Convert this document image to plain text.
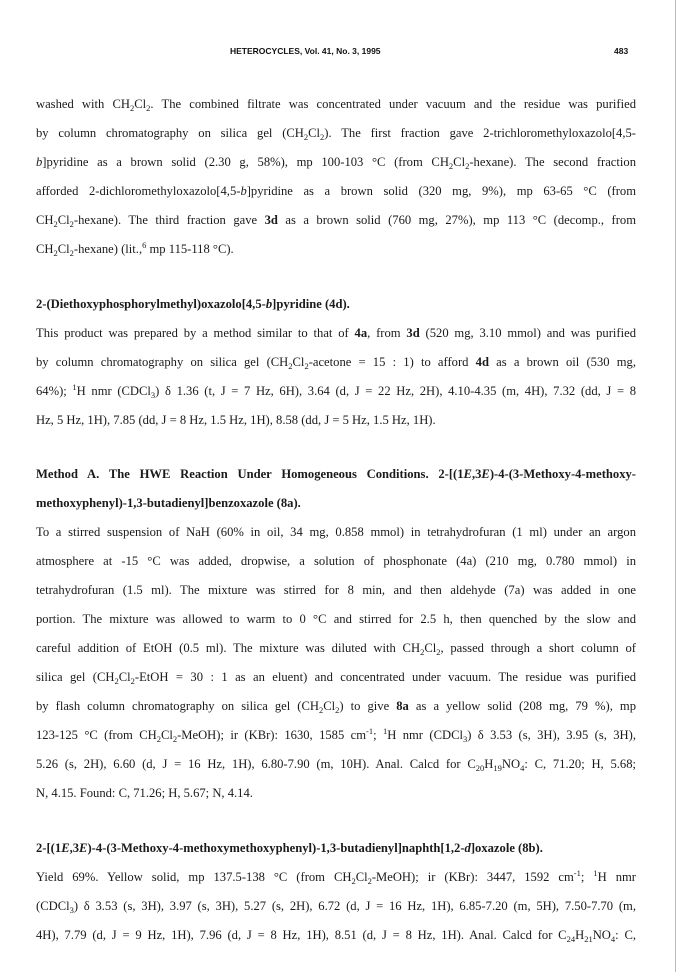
HETEROCYCLES, Vol. 41, No. 3, 1995	483
washed with $CH_2Cl_2$. The combined filtrate was concentrated under vacuum and the residue was purified
by column chromatography on silica gel $(CH_2Cl_2)$. The first fraction gave 2-trichloromethyloxazolo[4,5-
b]pyridine as a brown solid (2.30 g, 58%), mp 100-103 °C (from $CH_2Cl_2-hexane$). The second fraction
afforded 2-dichloromethyloxazolo[4,5-b]pyridine as a brown solid (320 mg, 9%), mp 63-65 °C (from
$CH_2Cl_2-hexane$). The third fraction gave 3d as a brown solid (760 mg, 27%), mp 113 °C (decomp., from
$CH_2Cl_2-hexane$) (lit.,$^6$ mp 115-118 °C).
2-(Diethoxyphosphorylmethyl)oxazolo[4,5-b]pyridine (4d).
This product was prepared by a method similar to that of 4a, from 3d (520 mg, 3.10 mmol) and was purified
by column chromatography on silica gel ($CH_2Cl_2$-acetone = 15 : 1) to afford 4d as a brown oil (530 mg,
64%); $^1$H nmr (CDCl$_3$) δ 1.36 (t, J = 7 Hz, 6H), 3.64 (d, J = 22 Hz, 2H), 4.10-4.35 (m, 4H), 7.32 (dd, J = 8
Hz, 5 Hz, 1H), 7.85 (dd, J = 8 Hz, 1.5 Hz, 1H), 8.58 (dd, J = 5 Hz, 1.5 Hz, 1H).
Method A. The HWE Reaction Under Homogeneous Conditions. 2-[(1E,3E)-4-(3-Methoxy-4-methoxy-
methoxyphenyl)-1,3-butadienyl]benzoxazole (8a).
To a stirred suspension of NaH (60% in oil, 34 mg, 0.858 mmol) in tetrahydrofuran (1 ml) under an argon
atmosphere at -15 °C was added, dropwise, a solution of phosphonate (4a) (210 mg, 0.780 mmol) in
tetrahydrofuran (1.5 ml). The mixture was stirred for 8 min, and then aldehyde (7a) was added in one
portion. The mixture was allowed to warm to 0 °C and stirred for 2.5 h, then quenched by the slow and
careful addition of EtOH (0.5 ml). The mixture was diluted with $CH_2Cl_2$, passed through a short column of
silica gel ($CH_2Cl_2$-EtOH = 30 : 1 as an eluent) and concentrated under vacuum. The residue was purified
by flash column chromatography on silica gel $(CH_2Cl_2)$ to give 8a as a yellow solid (208 mg, 79 %), mp
123-125 °C (from $CH_2Cl_2-MeOH$); ir (KBr): 1630, 1585 $cm^{-1}$; $^1$H nmr (CDCl$_3$) δ 3.53 (s, 3H), 3.95 (s, 3H),
5.26 (s, 2H), 6.60 (d, J = 16 Hz, 1H), 6.80-7.90 (m, 10H). Anal. Calcd for $C_{20}H_{19}NO_4$: C, 71.20; H, 5.68;
N, 4.15. Found: C, 71.26; H, 5.67; N, 4.14.
2-[(1E,3E)-4-(3-Methoxy-4-methoxymethoxyphenyl)-1,3-butadienyl]naphth[1,2-d]oxazole (8b).
Yield 69%. Yellow solid, mp 137.5-138 °C (from $CH_2Cl_2-MeOH$); ir (KBr): 3447, 1592 $cm^{-1}$; $^1$H nmr
(CDCl$_3$) δ 3.53 (s, 3H), 3.97 (s, 3H), 5.27 (s, 2H), 6.72 (d, J = 16 Hz, 1H), 6.85-7.20 (m, 5H), 7.50-7.70 (m,
4H), 7.79 (d, J = 9 Hz, 1H), 7.96 (d, J = 8 Hz, 1H), 8.51 (d, J = 8 Hz, 1H). Anal. Calcd for $C_{24}H_{21}NO_4$: C,
